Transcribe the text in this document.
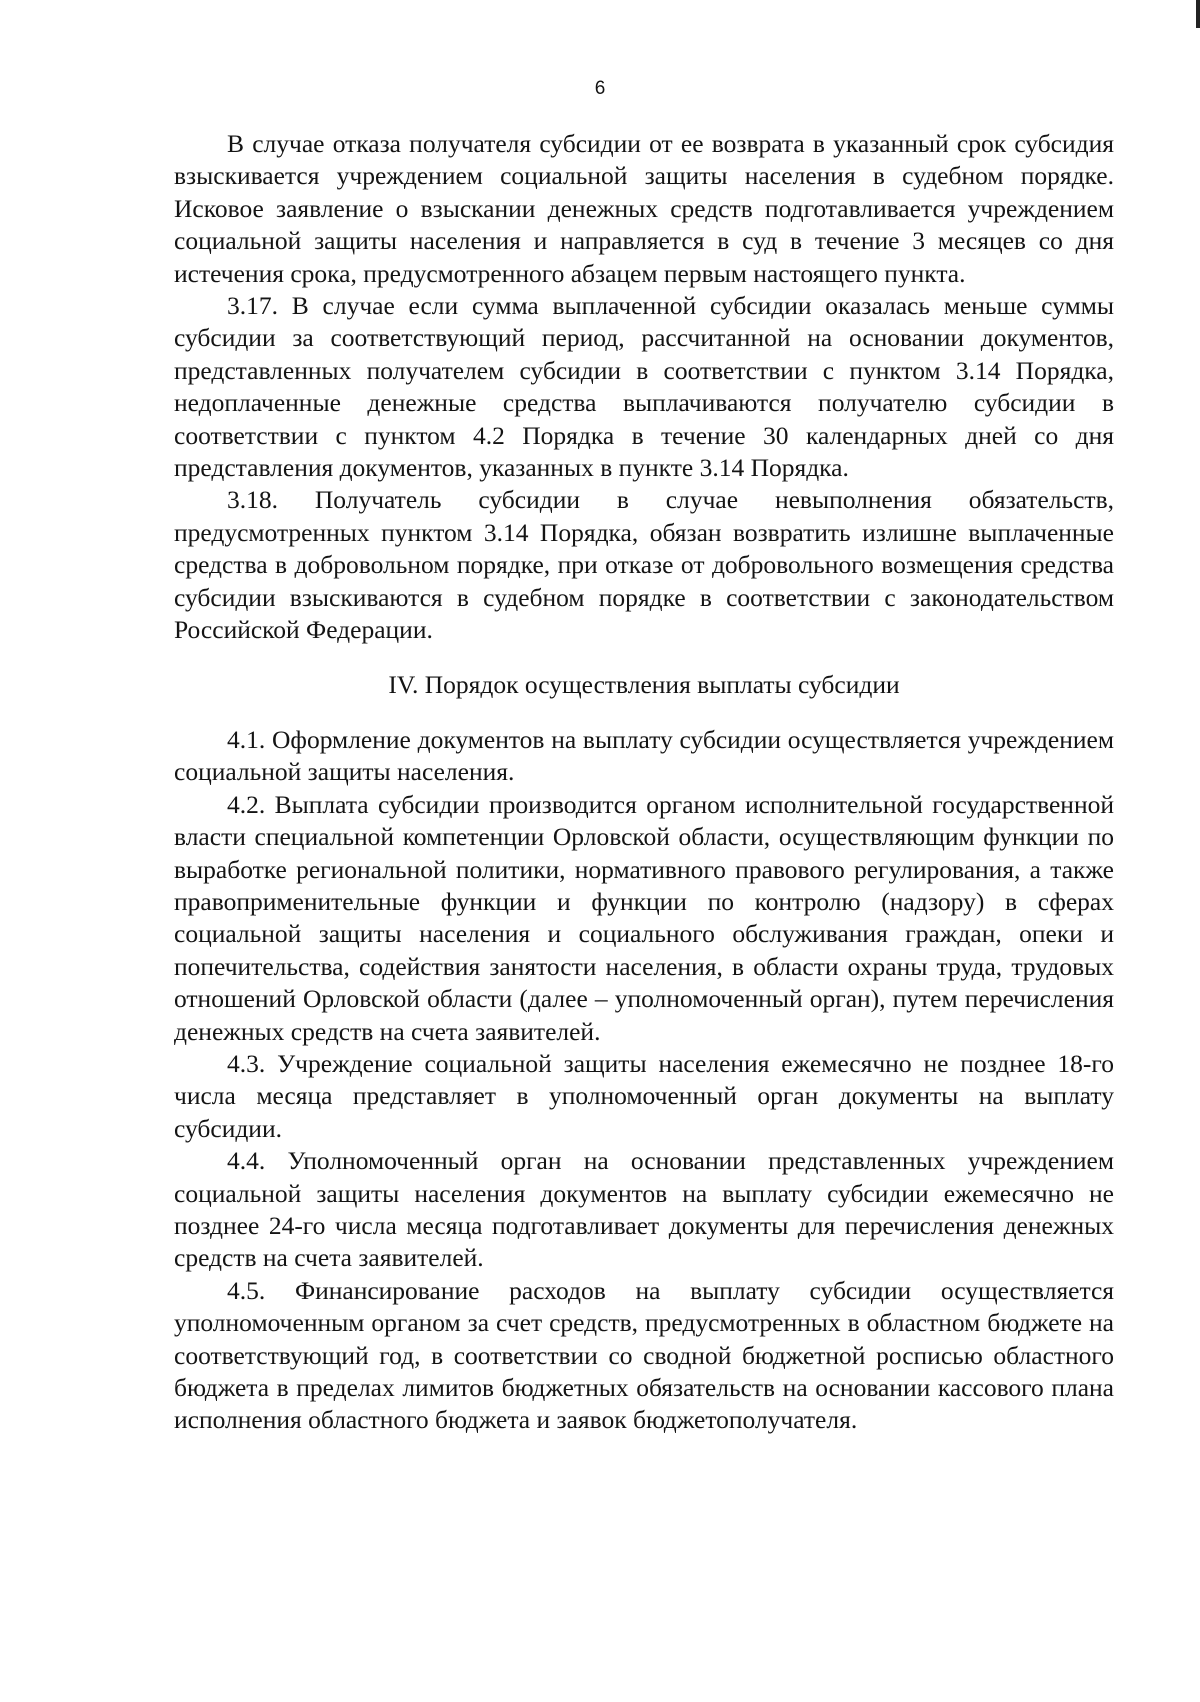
6

В случае отказа получателя субсидии от ее возврата в указанный срок субсидия взыскивается учреждением социальной защиты населения в судебном порядке. Исковое заявление о взыскании денежных средств подготавливается учреждением социальной защиты населения и направляется в суд в течение 3 месяцев со дня истечения срока, предусмотренного абзацем первым настоящего пункта.

3.17. В случае если сумма выплаченной субсидии оказалась меньше суммы субсидии за соответствующий период, рассчитанной на основании документов, представленных получателем субсидии в соответствии с пунктом 3.14 Порядка, недоплаченные денежные средства выплачиваются получателю субсидии в соответствии с пунктом 4.2 Порядка в течение 30 календарных дней со дня представления документов, указанных в пункте 3.14 Порядка.

3.18. Получатель субсидии в случае невыполнения обязательств, предусмотренных пунктом 3.14 Порядка, обязан возвратить излишне выплаченные средства в добровольном порядке, при отказе от добровольного возмещения средства субсидии взыскиваются в судебном порядке в соответствии с законодательством Российской Федерации.

IV. Порядок осуществления выплаты субсидии

4.1. Оформление документов на выплату субсидии осуществляется учреждением социальной защиты населения.

4.2. Выплата субсидии производится органом исполнительной государственной власти специальной компетенции Орловской области, осуществляющим функции по выработке региональной политики, нормативного правового регулирования, а также правоприменительные функции и функции по контролю (надзору) в сферах социальной защиты населения и социального обслуживания граждан, опеки и попечительства, содействия занятости населения, в области охраны труда, трудовых отношений Орловской области (далее – уполномоченный орган), путем перечисления денежных средств на счета заявителей.

4.3. Учреждение социальной защиты населения ежемесячно не позднее 18-го числа месяца представляет в уполномоченный орган документы на выплату субсидии.

4.4. Уполномоченный орган на основании представленных учреждением социальной защиты населения документов на выплату субсидии ежемесячно не позднее 24-го числа месяца подготавливает документы для перечисления денежных средств на счета заявителей.

4.5. Финансирование расходов на выплату субсидии осуществляется уполномоченным органом за счет средств, предусмотренных в областном бюджете на соответствующий год, в соответствии со сводной бюджетной росписью областного бюджета в пределах лимитов бюджетных обязательств на основании кассового плана исполнения областного бюджета и заявок бюджетополучателя.
